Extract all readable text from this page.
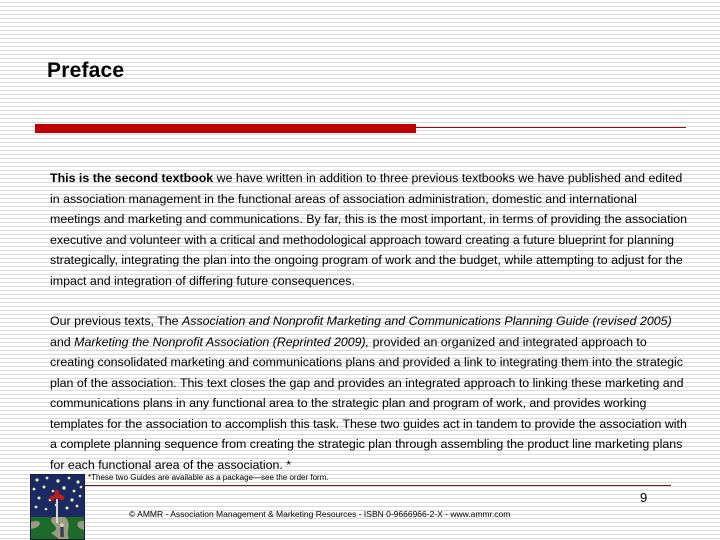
Preface

This is the second textbook we have written in addition to three previous textbooks we have published and edited in association management in the functional areas of association administration, domestic and international meetings and marketing and communications. By far, this is the most important, in terms of providing the association executive and volunteer with a critical and methodological approach toward creating a future blueprint for planning strategically, integrating the plan into the ongoing program of work and the budget, while attempting to adjust for the impact and integration of differing future consequences.

Our previous texts, The Association and Nonprofit Marketing and Communications Planning Guide (revised 2005) and Marketing the Nonprofit Association (Reprinted 2009), provided an organized and integrated approach to creating consolidated marketing and communications plans and provided a link to integrating them into the strategic plan of the association. This text closes the gap and provides an integrated approach to linking these marketing and communications plans in any functional area to the strategic plan and program of work, and provides working templates for the association to accomplish this task. These two guides act in tandem to provide the association with a complete planning sequence from creating the strategic plan through assembling the product line marketing plans for each functional area of the association. *

*These two Guides are available as a package—see the order form.
9
© AMMR - Association Management & Marketing Resources - ISBN 0-9666966-2-X - www.ammr.com
